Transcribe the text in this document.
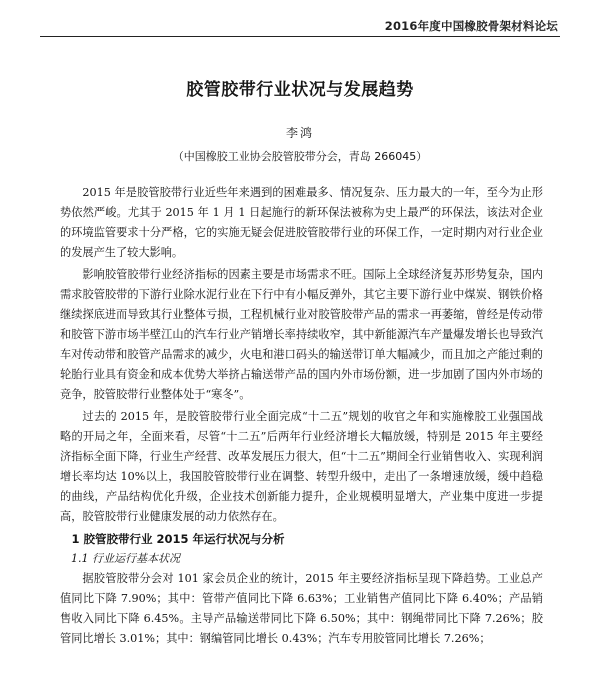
2016年度中国橡胶骨架材料论坛
胶管胶带行业状况与发展趋势
李鸿
（中国橡胶工业协会胶管胶带分会，青岛 266045）

2015 年是胶管胶带行业近些年来遇到的困难最多、情况复杂、压力最大的一年，至今为止形势依然严峻。尤其于 2015 年 1 月 1 日起施行的新环保法被称为史上最严的环保法，该法对企业的环境监管要求十分严格，它的实施无疑会促进胶管胶带行业的环保工作，一定时期内对行业企业的发展产生了较大影响。

影响胶管胶带行业经济指标的因素主要是市场需求不旺。国际上全球经济复苏形势复杂，国内需求胶管胶带的下游行业除水泥行业在下行中有小幅反弹外，其它主要下游行业中煤炭、钢铁价格继续探底进而导致其行业整体亏损，工程机械行业对胶管胶带产品的需求一再萎缩，曾经是传动带和胶管下游市场半壁江山的汽车行业产销增长率持续收窄，其中新能源汽车产量爆发增长也导致汽车对传动带和胶管产品需求的减少，火电和港口码头的输送带订单大幅减少，而且加之产能过剩的轮胎行业具有资金和成本优势大举挤占输送带产品的国内外市场份额，进一步加剧了国内外市场的竞争，胶管胶带行业整体处于“寒冬”。

过去的 2015 年，是胶管胶带行业全面完成“十二五”规划的收官之年和实施橡胶工业强国战略的开局之年，全面来看，尽管“十二五”后两年行业经济增长大幅放缓，特别是 2015 年主要经济指标全面下降，行业生产经营、改革发展压力很大，但“十二五”期间全行业销售收入、实现利润增长率均达 10%以上，我国胶管胶带行业在调整、转型升级中，走出了一条增速放缓，缓中趋稳的曲线，产品结构优化升级，企业技术创新能力提升，企业规模明显增大，产业集中度进一步提高，胶管胶带行业健康发展的动力依然存在。

1 胶管胶带行业 2015 年运行状况与分析
1.1 行业运行基本状况

据胶管胶带分会对 101 家会员企业的统计，2015 年主要经济指标呈现下降趋势。工业总产值同比下降 7.90%；其中：管带产值同比下降 6.63%；工业销售产值同比下降 6.40%；产品销售收入同比下降 6.45%。主导产品输送带同比下降 6.50%；其中：钢绳带同比下降 7.26%；胶管同比增长 3.01%；其中：钢编管同比增长 0.43%；汽车专用胶管同比增长 7.26%；
